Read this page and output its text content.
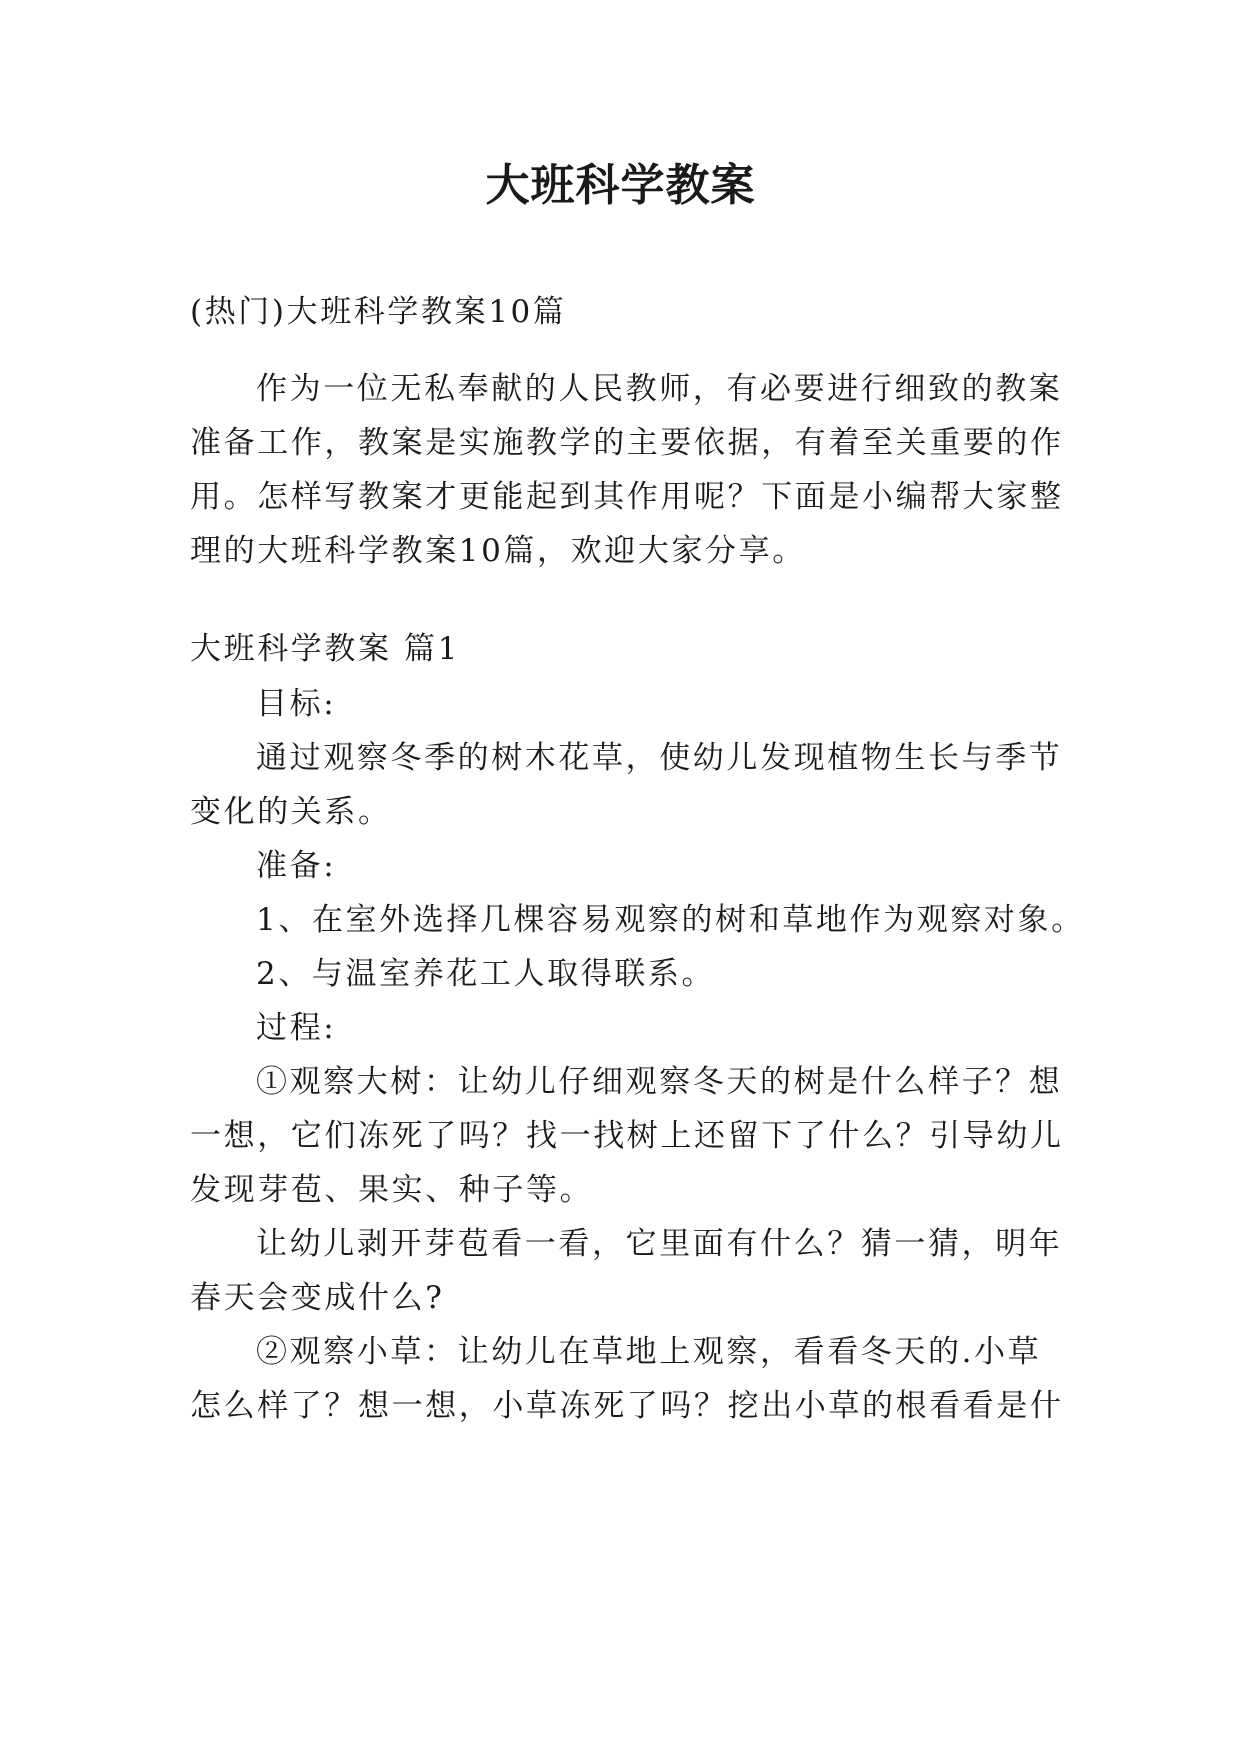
大班科学教案
(热门)大班科学教案10篇
作为一位无私奉献的人民教师，有必要进行细致的教案
准备工作，教案是实施教学的主要依据，有着至关重要的作
用。怎样写教案才更能起到其作用呢？下面是小编帮大家整
理的大班科学教案10篇，欢迎大家分享。
大班科学教案 篇1
目标:
通过观察冬季的树木花草，使幼儿发现植物生长与季节
变化的关系。
准备:
1、在室外选择几棵容易观察的树和草地作为观察对象。
2、与温室养花工人取得联系。
过程:
①观察大树：让幼儿仔细观察冬天的树是什么样子？想
一想，它们冻死了吗？找一找树上还留下了什么？引导幼儿
发现芽苞、果实、种子等。
让幼儿剥开芽苞看一看，它里面有什么？猜一猜，明年
春天会变成什么?
②观察小草：让幼儿在草地上观察，看看冬天的.小草
怎么样了？想一想，小草冻死了吗？挖出小草的根看看是什
